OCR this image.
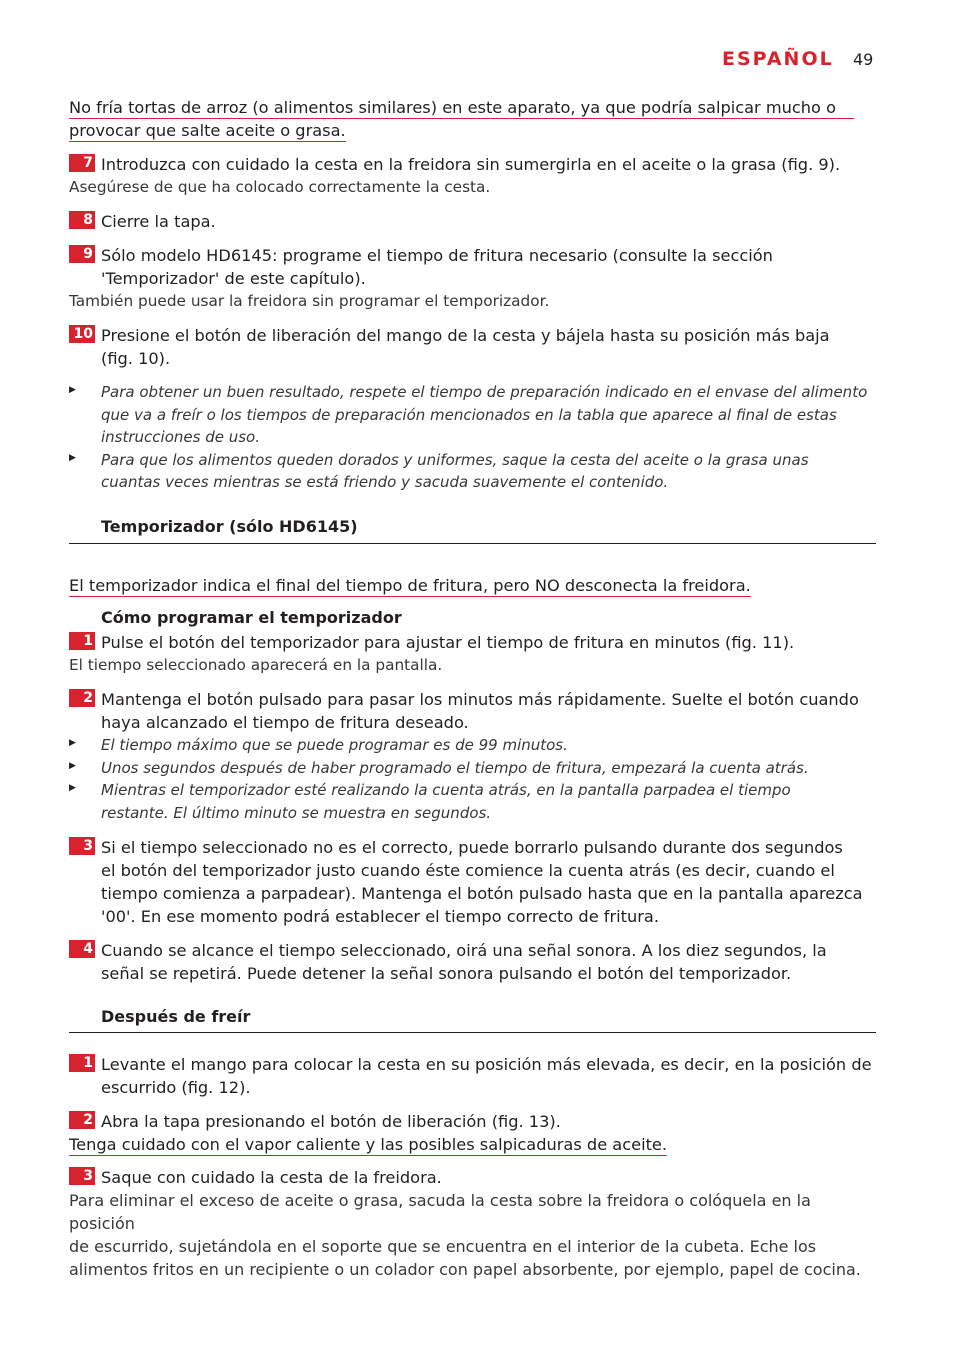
ESPAÑOL 49
No fría tortas de arroz (o alimentos similares) en este aparato, ya que podría salpicar mucho o
provocar que salte aceite o grasa.
7 Introduzca con cuidado la cesta en la freidora sin sumergirla en el aceite o la grasa (fig. 9).
Asegúrese de que ha colocado correctamente la cesta.
8 Cierre la tapa.
9 Sólo modelo HD6145: programe el tiempo de fritura necesario (consulte la sección
'Temporizador' de este capítulo).
También puede usar la freidora sin programar el temporizador.
10 Presione el botón de liberación del mango de la cesta y bájela hasta su posición más baja
(fig. 10).
▶ Para obtener un buen resultado, respete el tiempo de preparación indicado en el envase del alimento
que va a freír o los tiempos de preparación mencionados en la tabla que aparece al final de estas
instrucciones de uso.
▶ Para que los alimentos queden dorados y uniformes, saque la cesta del aceite o la grasa unas
cuantas veces mientras se está friendo y sacuda suavemente el contenido.
Temporizador (sólo HD6145)
El temporizador indica el final del tiempo de fritura, pero NO desconecta la freidora.
Cómo programar el temporizador
1 Pulse el botón del temporizador para ajustar el tiempo de fritura en minutos (fig. 11).
El tiempo seleccionado aparecerá en la pantalla.
2 Mantenga el botón pulsado para pasar los minutos más rápidamente. Suelte el botón cuando
haya alcanzado el tiempo de fritura deseado.
▶ El tiempo máximo que se puede programar es de 99 minutos.
▶ Unos segundos después de haber programado el tiempo de fritura, empezará la cuenta atrás.
▶ Mientras el temporizador esté realizando la cuenta atrás, en la pantalla parpadea el tiempo
restante. El último minuto se muestra en segundos.
3 Si el tiempo seleccionado no es el correcto, puede borrarlo pulsando durante dos segundos
el botón del temporizador justo cuando éste comience la cuenta atrás (es decir, cuando el
tiempo comienza a parpadear). Mantenga el botón pulsado hasta que en la pantalla aparezca
'00'. En ese momento podrá establecer el tiempo correcto de fritura.
4 Cuando se alcance el tiempo seleccionado, oirá una señal sonora. A los diez segundos, la
señal se repetirá. Puede detener la señal sonora pulsando el botón del temporizador.
Después de freír
1 Levante el mango para colocar la cesta en su posición más elevada, es decir, en la posición de
escurrido (fig. 12).
2 Abra la tapa presionando el botón de liberación (fig. 13).
Tenga cuidado con el vapor caliente y las posibles salpicaduras de aceite.
3 Saque con cuidado la cesta de la freidora.
Para eliminar el exceso de aceite o grasa, sacuda la cesta sobre la freidora o colóquela en la posición
de escurrido, sujetándola en el soporte que se encuentra en el interior de la cubeta. Eche los
alimentos fritos en un recipiente o un colador con papel absorbente, por ejemplo, papel de cocina.
